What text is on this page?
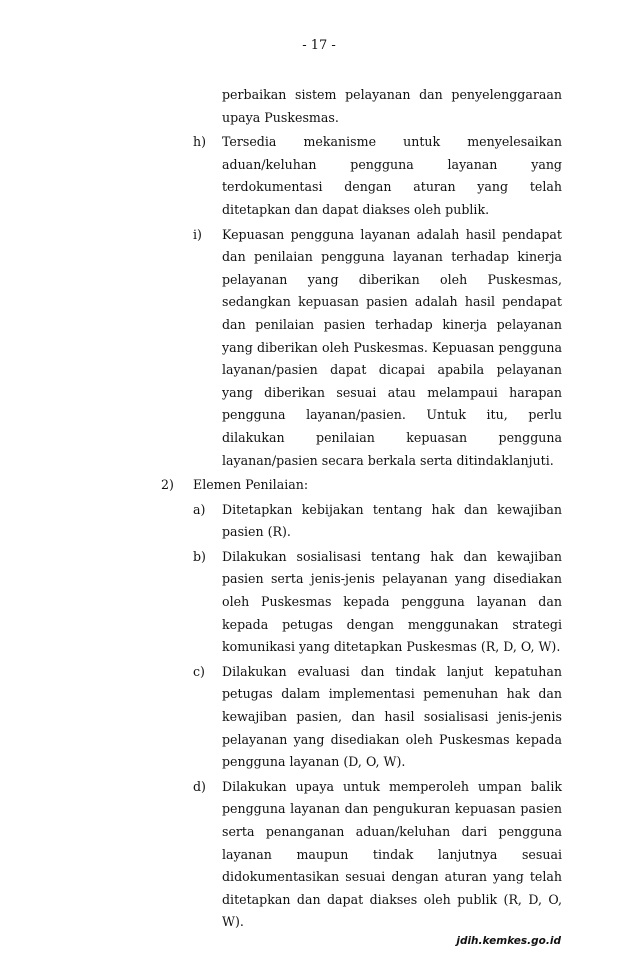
- 17 -
perbaikan sistem pelayanan dan penyelenggaraan upaya Puskesmas.
h) Tersedia mekanisme untuk menyelesaikan aduan/keluhan pengguna layanan yang terdokumentasi dengan aturan yang telah ditetapkan dan dapat diakses oleh publik.
i) Kepuasan pengguna layanan adalah hasil pendapat dan penilaian pengguna layanan terhadap kinerja pelayanan yang diberikan oleh Puskesmas, sedangkan kepuasan pasien adalah hasil pendapat dan penilaian pasien terhadap kinerja pelayanan yang diberikan oleh Puskesmas. Kepuasan pengguna layanan/pasien dapat dicapai apabila pelayanan yang diberikan sesuai atau melampaui harapan pengguna layanan/pasien. Untuk itu, perlu dilakukan penilaian kepuasan pengguna layanan/pasien secara berkala serta ditindaklanjuti.
2) Elemen Penilaian:
a) Ditetapkan kebijakan tentang hak dan kewajiban pasien (R).
b) Dilakukan sosialisasi tentang hak dan kewajiban pasien serta jenis-jenis pelayanan yang disediakan oleh Puskesmas kepada pengguna layanan dan kepada petugas dengan menggunakan strategi komunikasi yang ditetapkan Puskesmas (R, D, O, W).
c) Dilakukan evaluasi dan tindak lanjut kepatuhan petugas dalam implementasi pemenuhan hak dan kewajiban pasien, dan hasil sosialisasi jenis-jenis pelayanan yang disediakan oleh Puskesmas kepada pengguna layanan (D, O, W).
d) Dilakukan upaya untuk memperoleh umpan balik pengguna layanan dan pengukuran kepuasan pasien serta penanganan aduan/keluhan dari pengguna layanan maupun tindak lanjutnya sesuai didokumentasikan sesuai dengan aturan yang telah ditetapkan dan dapat diakses oleh publik (R, D, O, W).
jdih.kemkes.go.id
